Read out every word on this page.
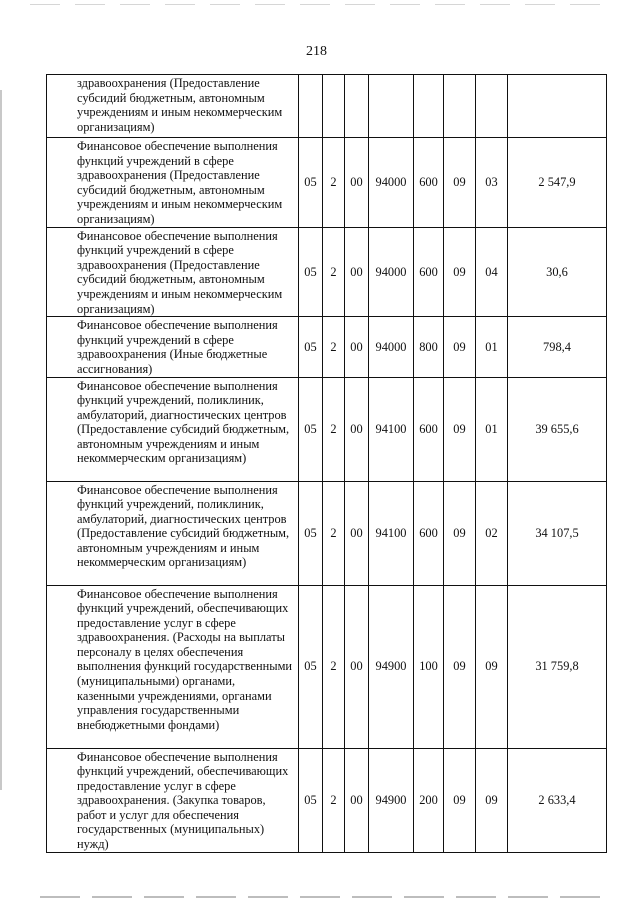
218
здравоохранения (Предоставление субсидий бюджетным, автономным учреждениям и иным некоммерческим организациям)								
Финансовое обеспечение выполнения функций учреждений в сфере здравоохранения (Предоставление субсидий бюджетным, автономным учреждениям и иным некоммерческим организациям)	05	2	00	94000	600	09	03	2 547,9
Финансовое обеспечение выполнения функций учреждений в сфере здравоохранения (Предоставление субсидий бюджетным, автономным учреждениям и иным некоммерческим организациям)	05	2	00	94000	600	09	04	30,6
Финансовое обеспечение выполнения функций учреждений в сфере здравоохранения (Иные бюджетные ассигнования)	05	2	00	94000	800	09	01	798,4
Финансовое обеспечение выполнения функций учреждений, поликлиник, амбулаторий, диагностических центров (Предоставление субсидий бюджетным, автономным учреждениям и иным некоммерческим организациям)	05	2	00	94100	600	09	01	39 655,6
Финансовое обеспечение выполнения функций учреждений, поликлиник, амбулаторий, диагностических центров (Предоставление субсидий бюджетным, автономным учреждениям и иным некоммерческим организациям)	05	2	00	94100	600	09	02	34 107,5
Финансовое обеспечение выполнения функций учреждений, обеспечивающих предоставление услуг в сфере здравоохранения. (Расходы на выплаты персоналу в целях обеспечения выполнения функций государственными (муниципальными) органами, казенными учреждениями, органами управления государственными внебюджетными фондами)	05	2	00	94900	100	09	09	31 759,8
Финансовое обеспечение выполнения функций учреждений, обеспечивающих предоставление услуг в сфере здравоохранения. (Закупка товаров, работ и услуг для обеспечения государственных (муниципальных) нужд)	05	2	00	94900	200	09	09	2 633,4
